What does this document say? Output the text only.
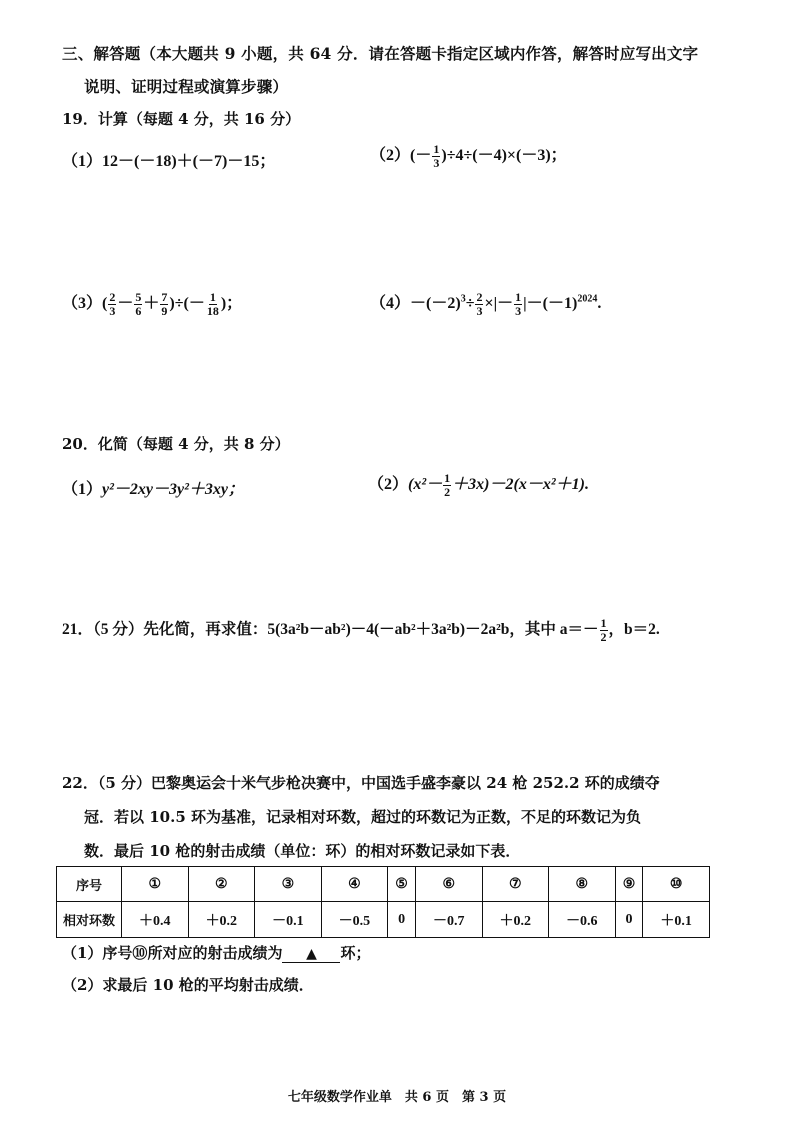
三、解答题（本大题共 9 小题，共 64 分．请在答题卡指定区域内作答，解答时应写出文字
说明、证明过程或演算步骤）
19．计算（每题 4 分，共 16 分）
（1）12－(－18)＋(－7)－15；	$(2)(- \frac{1}{3} )\div 4\div(-4)\times(-3)$；
$(3)( \frac{2}{3} - \frac{5}{6} + \frac{7}{9}$ )÷(－ $\frac{1}{18}$ )；	$(4)-(-2)^3\div \frac{2}{3}$ ×|－ $\frac{1}{3} |-(-1)^{2024}$.
20．化简（每题 4 分，共 8 分）
（1）y²－2xy－3y²＋3xy；	$(2)(x^2- \frac{1}{2} +3x)-2(x-x^2+1)$.
21．（5 分）先化简，再求值：5(3a²b－ab²)－4(－ab²＋3a²b)－2a²b，其中 $a=- \frac{1}{2}$ ，b＝2.
22．（5 分）巴黎奥运会十米气步枪决赛中，中国选手盛李豪以 24 枪 252.2 环的成绩夺
冠．若以 10.5 环为基准，记录相对环数，超过的环数记为正数，不足的环数记为负
数．最后 10 枪的射击成绩（单位：环）的相对环数记录如下表．
序号	①	②	③	④	⑤	⑥	⑦	⑧	⑨	⑩
相对环数	＋0.4	＋0.2	－0.1	－0.5	0	－0.7	＋0.2	－0.6	0	＋0.1
（1）序号⑩所对应的射击成绩为 ▲ 环；
（2）求最后 10 枪的平均射击成绩．
七年级数学作业单　共 6 页　第 3 页
